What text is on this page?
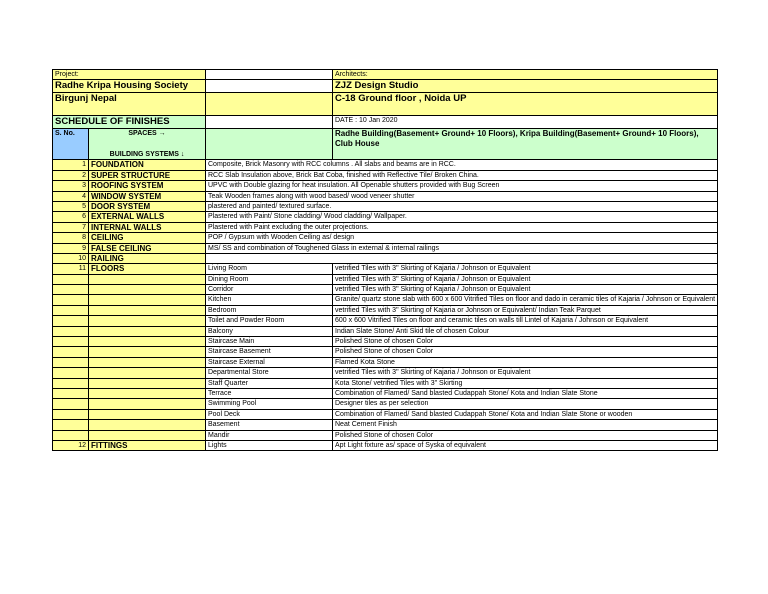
Project:			Architects:
Radhe Kripa Housing Society			ZJZ Design Studio
Birgunj Nepal			C-18 Ground floor , Noida UP
SCHEDULE OF FINISHES			DATE : 10 Jan 2020
S. No.	SPACES →
BUILDING SYSTEMS ↓		Radhe Building(Basement+ Ground+ 10 Floors), Kripa Building(Basement+ Ground+ 10 Floors), Club House
1	FOUNDATION	Composite, Brick Masonry with RCC columns . All slabs and beams are in RCC.	
2	SUPER STRUCTURE	RCC Slab Insulation above, Brick Bat Coba, finished with Reflective Tile/ Broken China.	
3	ROOFING SYSTEM	UPVC with Double glazing for heat insulation. All Openable shutters provided with Bug Screen	
4	WINDOW SYSTEM	Teak Wooden frames along with wood based/ wood veneer shutter	
5	DOOR SYSTEM	plastered and painted/ textured surface.	
6	EXTERNAL WALLS	Plastered with Paint/ Stone cladding/ Wood cladding/ Wallpaper.	
7	INTERNAL WALLS	Plastered with Paint excluding the outer projections.	
8	CEILING	POP / Gypsum with Wooden Ceiling as/ design	
9	FALSE CEILING	MS/ SS and combination of Toughened Glass in external & internal railings	
10	RAILING		
11	FLOORS	Living Room	vetrified Tiles with 3" Skirting of Kajaria / Johnson or Equivalent
		Dining Room	vetrified Tiles with 3" Skirting of Kajaria / Johnson or Equivalent
		Corridor	vetrified Tiles with 3" Skirting of Kajaria / Johnson or Equivalent
		Kitchen	Granite/ quartz stone slab with 600 x 600 Vitrified Tiles on floor and dado in ceramic tiles of Kajaria / Johnson or Equivalent
		Bedroom	vetrified Tiles with 3" Skirting of Kajaria or Johnson or Equivalent/ Indian Teak Parquet
		Toilet and Powder Room	600 x 600 Vitrified Tiles on floor and ceramic tiles on walls till Lintel of Kajaria / Johnson or Equivalent
		Balcony	Indian Slate Stone/ Anti Skid tile of chosen Colour
		Staircase Main	Polished Stone of chosen Color
		Staircase Basement	Polished Stone of chosen Color
		Staircase External	Flamed Kota Stone
		Departmental Store	vetrified Tiles with 3" Skirting of Kajaria / Johnson or Equivalent
		Staff Quarter	Kota Stone/ vetrified Tiles with 3" Skirting
		Terrace	Combination of Flamed/ Sand blasted Cudappah Stone/ Kota and Indian Slate Stone
		Swimming Pool	Designer tiles as per selection
		Pool Deck	Combination of Flamed/ Sand blasted Cudappah Stone/ Kota and Indian Slate Stone or wooden
		Basement	Neat Cement Finish
		Mandir	Polished Stone of chosen Color
12	FITTINGS	Lights	Apt Light fixture as/ space of Syska of equivalent
